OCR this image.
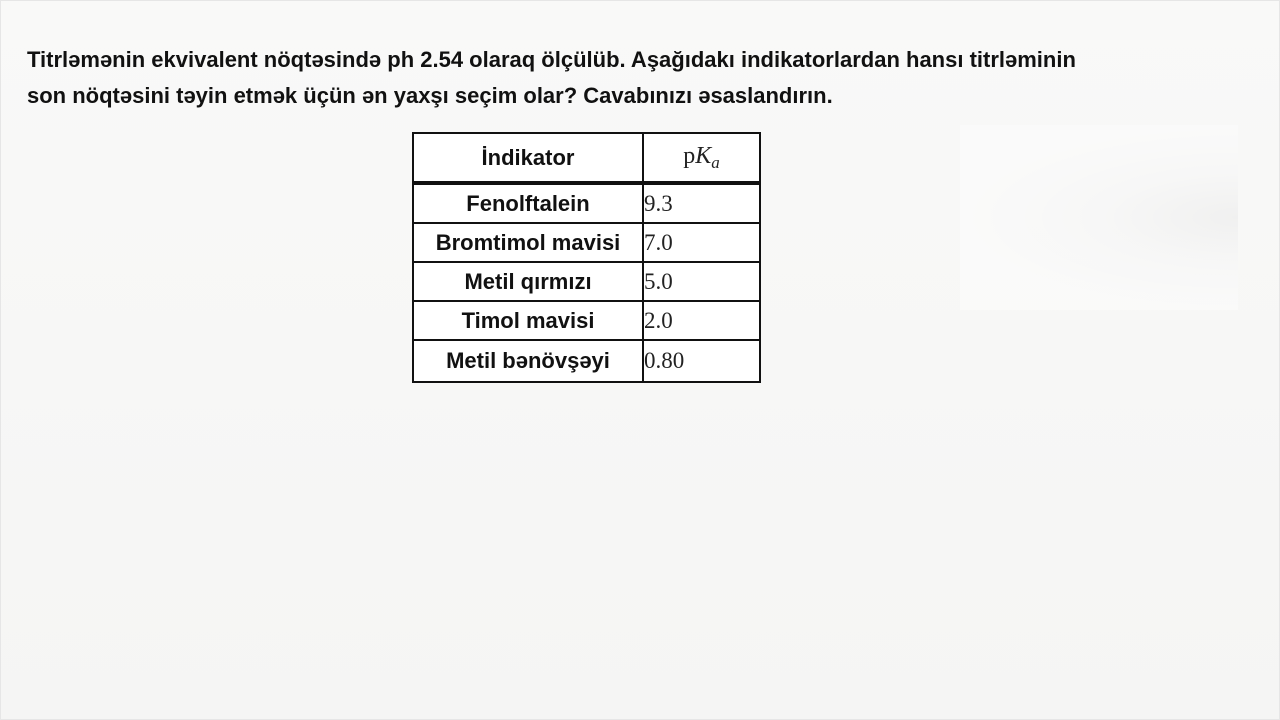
Titrləmənin ekvivalent nöqtəsində ph 2.54 olaraq ölçülüb. Aşağıdakı indikatorlardan hansı titrləminin
son nöqtəsini təyin etmək üçün ən yaxşı seçim olar? Cavabınızı əsaslandırın.
İndikator	$pK_a$
Fenolftalein	9.3
Bromtimol mavisi	7.0
Metil qırmızı	5.0
Timol mavisi	2.0
Metil bənövşəyi	0.80
